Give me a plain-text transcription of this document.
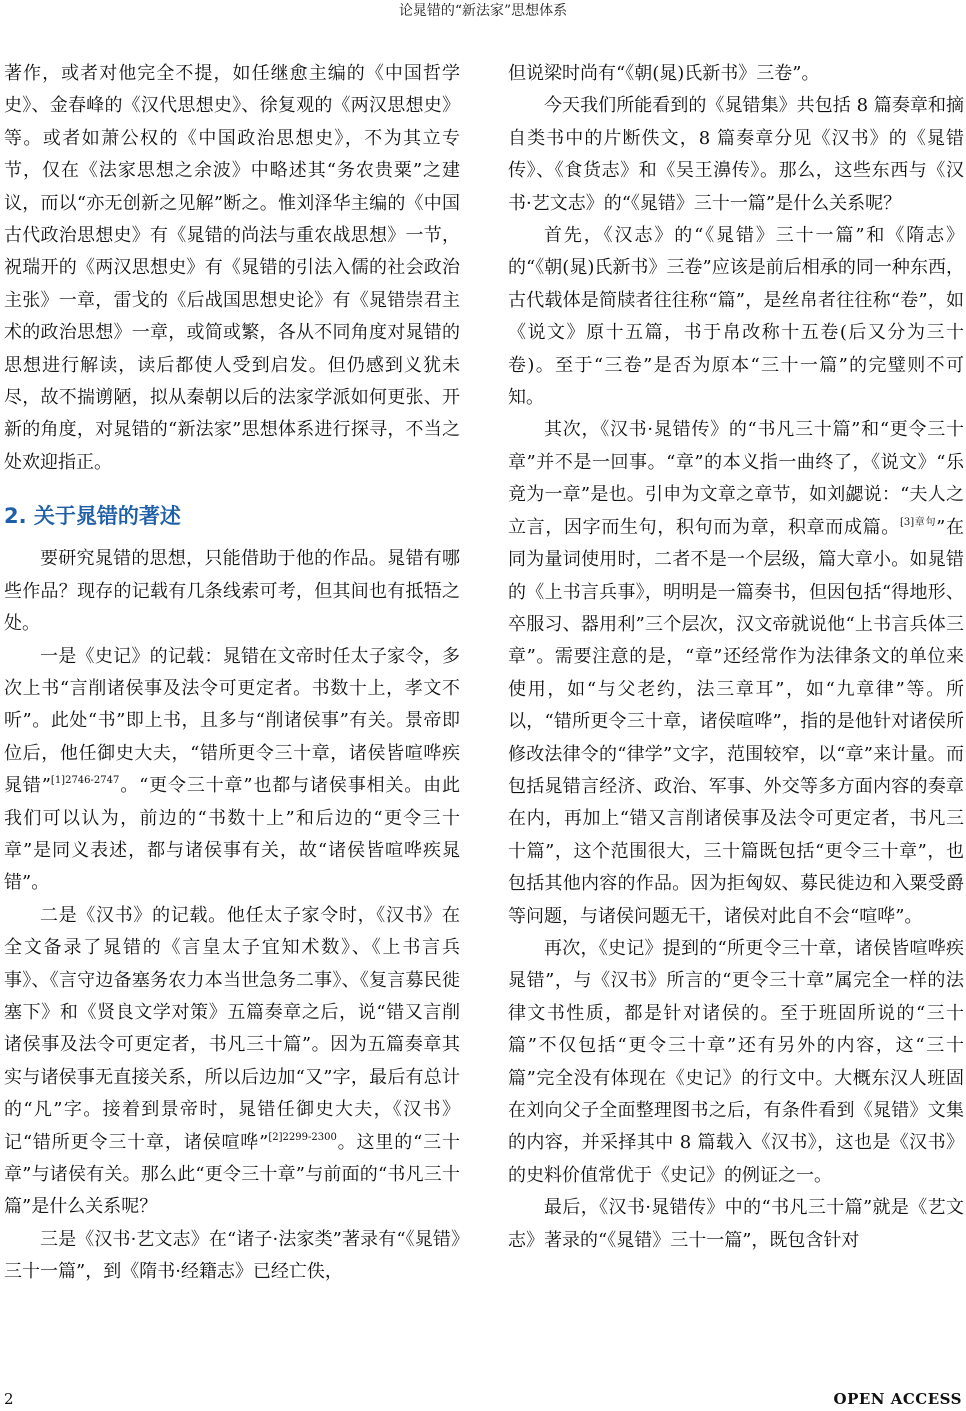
论晁错的“新法家”思想体系

著作，或者对他完全不提，如任继愈主编的《中国哲学史》、金春峰的《汉代思想史》、徐复观的《两汉思想史》等。或者如萧公权的《中国政治思想史》，不为其立专节，仅在《法家思想之余波》中略述其“务农贵粟”之建议，而以“亦无创新之见解”断之。惟刘泽华主编的《中国古代政治思想史》有《晁错的尚法与重农战思想》一节，祝瑞开的《两汉思想史》有《晁错的引法入儒的社会政治主张》一章，雷戈的《后战国思想史论》有《晁错崇君主术的政治思想》一章，或简或繁，各从不同角度对晁错的思想进行解读，读后都使人受到启发。但仍感到义犹未尽，故不揣谫陋，拟从秦朝以后的法家学派如何更张、开新的角度，对晁错的“新法家”思想体系进行探寻，不当之处欢迎指正。

2. 关于晁错的著述

要研究晁错的思想，只能借助于他的作品。晁错有哪些作品？现存的记载有几条线索可考，但其间也有抵牾之处。

一是《史记》的记载：晁错在文帝时任太子家令，多次上书“言削诸侯事及法令可更定者。书数十上，孝文不听”。此处“书”即上书，且多与“削诸侯事”有关。景帝即位后，他任御史大夫，“错所更令三十章，诸侯皆喧哗疾晁错”$^{[1]2746-2747}$。“更令三十章”也都与诸侯事相关。由此我们可以认为，前边的“书数十上”和后边的“更令三十章”是同义表述，都与诸侯事有关，故“诸侯皆喧哗疾晁错”。

二是《汉书》的记载。他任太子家令时，《汉书》在全文备录了晁错的《言皇太子宜知术数》、《上书言兵事》、《言守边备塞务农力本当世急务二事》、《复言募民徙塞下》和《贤良文学对策》五篇奏章之后，说“错又言削诸侯事及法令可更定者，书凡三十篇”。因为五篇奏章其实与诸侯事无直接关系，所以后边加“又”字，最后有总计的“凡”字。接着到景帝时，晁错任御史大夫，《汉书》记“错所更令三十章，诸侯喧哗”$^{[2]2299-2300}$。这里的“三十章”与诸侯有关。那么此“更令三十章”与前面的“书凡三十篇”是什么关系呢？

三是《汉书·艺文志》在“诸子·法家类”著录有“《晁错》三十一篇”，到《隋书·经籍志》已经亡佚，

但说梁时尚有“《朝(晁)氏新书》三卷”。

今天我们所能看到的《晁错集》共包括 8 篇奏章和摘自类书中的片断佚文，8 篇奏章分见《汉书》的《晁错传》、《食货志》和《吴王濞传》。那么，这些东西与《汉书·艺文志》的“《晁错》三十一篇”是什么关系呢？

首先，《汉志》的“《晁错》三十一篇”和《隋志》的“《朝(晁)氏新书》三卷”应该是前后相承的同一种东西，古代载体是简牍者往往称“篇”，是丝帛者往往称“卷”，如《说文》原十五篇，书于帛改称十五卷(后又分为三十卷)。至于“三卷”是否为原本“三十一篇”的完璧则不可知。

其次，《汉书·晁错传》的“书凡三十篇”和“更令三十章”并不是一回事。“章”的本义指一曲终了，《说文》“乐竟为一章”是也。引申为文章之章节，如刘勰说：“夫人之立言，因字而生句，积句而为章，积章而成篇。$^{[3]章句}$”在同为量词使用时，二者不是一个层级，篇大章小。如晁错的《上书言兵事》，明明是一篇奏书，但因包括“得地形、卒服习、器用利”三个层次，汉文帝就说他“上书言兵体三章”。需要注意的是，“章”还经常作为法律条文的单位来使用，如“与父老约，法三章耳”，如“九章律”等。所以，“错所更令三十章，诸侯喧哗”，指的是他针对诸侯所修改法律令的“律学”文字，范围较窄，以“章”来计量。而包括晁错言经济、政治、军事、外交等多方面内容的奏章在内，再加上“错又言削诸侯事及法令可更定者，书凡三十篇”，这个范围很大，三十篇既包括“更令三十章”，也包括其他内容的作品。因为拒匈奴、募民徙边和入粟受爵等问题，与诸侯问题无干，诸侯对此自不会“喧哗”。

再次，《史记》提到的“所更令三十章，诸侯皆喧哗疾晁错”，与《汉书》所言的“更令三十章”属完全一样的法律文书性质，都是针对诸侯的。至于班固所说的“三十篇”不仅包括“更令三十章”还有另外的内容，这“三十篇”完全没有体现在《史记》的行文中。大概东汉人班固在刘向父子全面整理图书之后，有条件看到《晁错》文集的内容，并采择其中 8 篇载入《汉书》，这也是《汉书》的史料价值常优于《史记》的例证之一。

最后，《汉书·晁错传》中的“书凡三十篇”就是《艺文志》著录的“《晁错》三十一篇”，既包含针对

2	OPEN ACCESS
